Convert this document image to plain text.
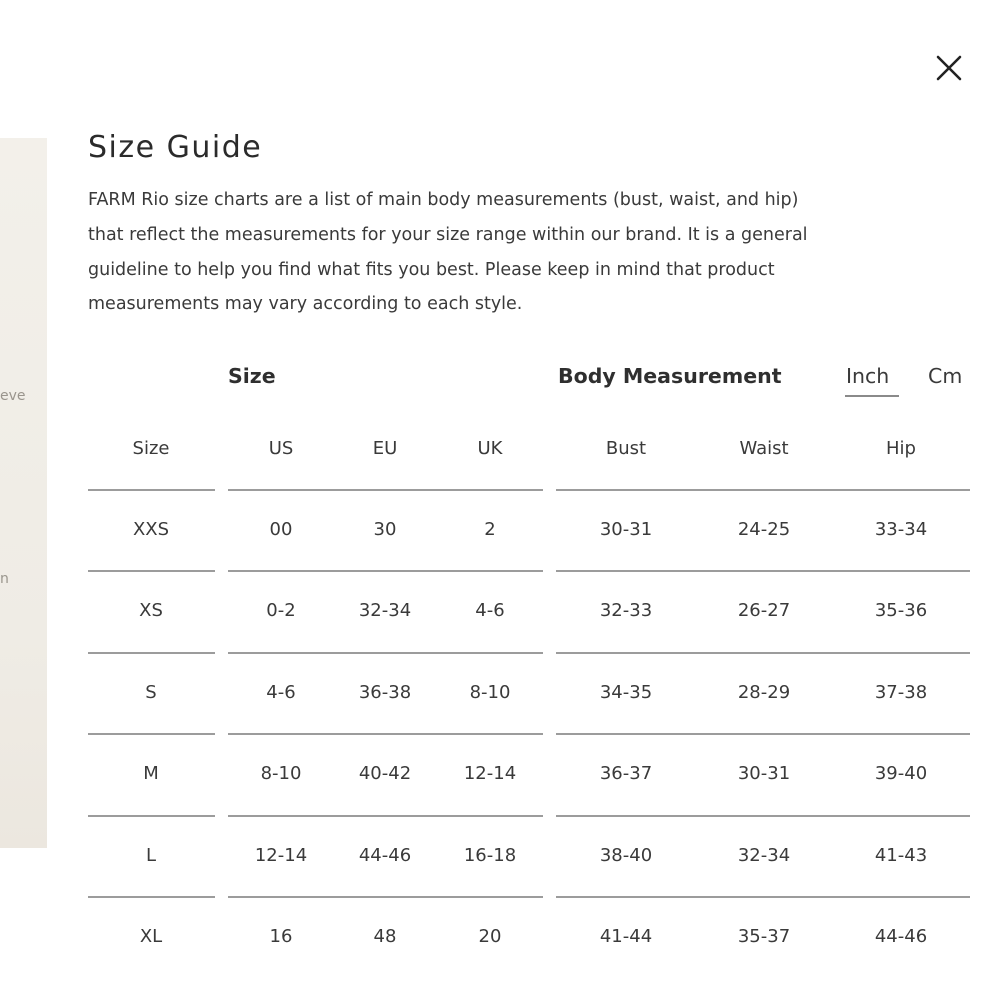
eve
n
Size Guide
FARM Rio size charts are a list of main body measurements (bust, waist, and hip)
that reflect the measurements for your size range within our brand. It is a general
guideline to help you find what fits you best. Please keep in mind that product
measurements may vary according to each style.
Size	Body Measurement	Inch Cm
Size	US	EU	UK	Bust	Waist	Hip
XXS	00	30	2	30-31	24-25	33-34
XS	0-2	32-34	4-6	32-33	26-27	35-36
S	4-6	36-38	8-10	34-35	28-29	37-38
M	8-10	40-42	12-14	36-37	30-31	39-40
L	12-14	44-46	16-18	38-40	32-34	41-43
XL	16	48	20	41-44	35-37	44-46
